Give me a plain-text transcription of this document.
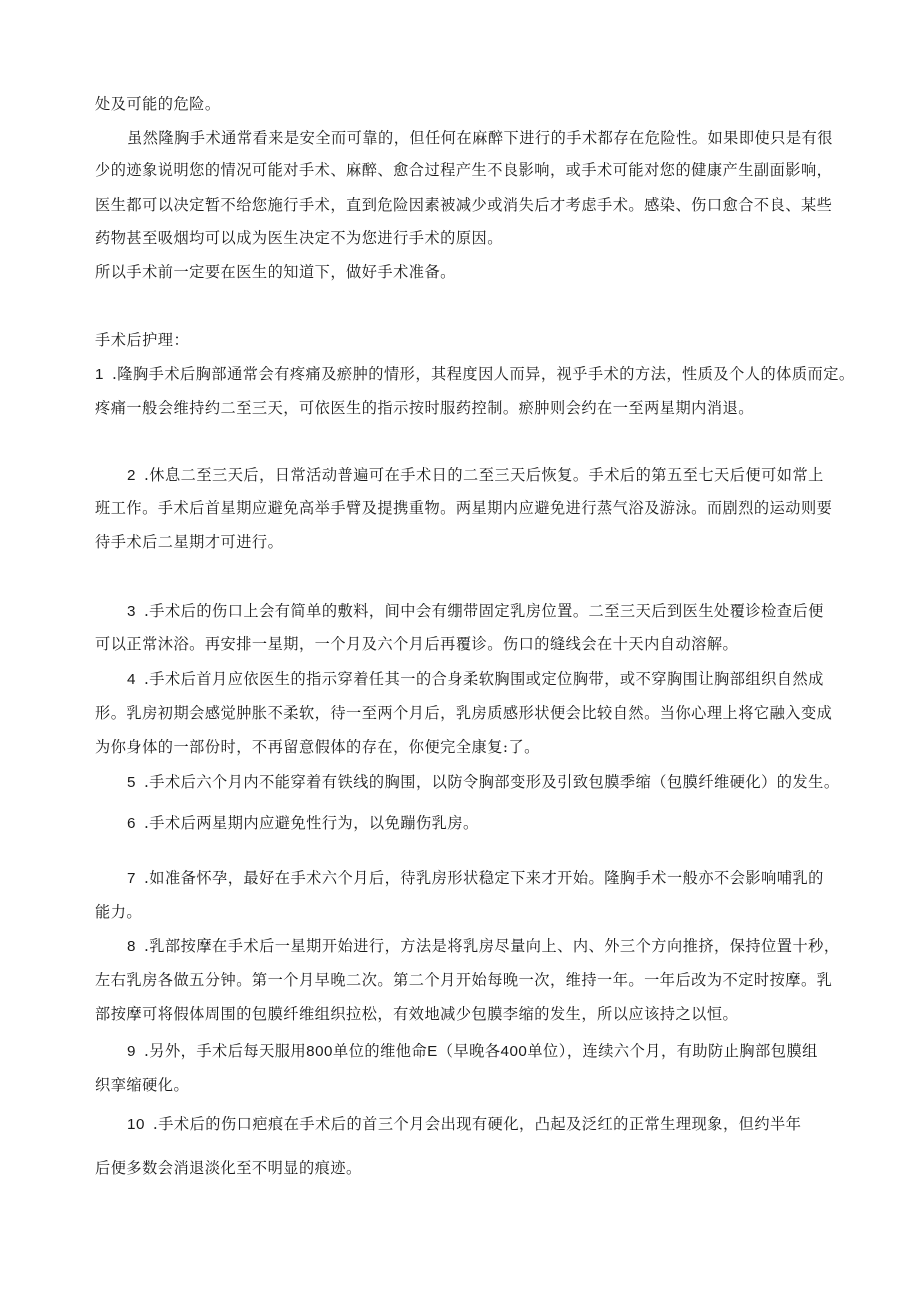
处及可能的危险。
虽然隆胸手术通常看来是安全而可靠的，但任何在麻醉下进行的手术都存在危险性。如果即使只是有很
少的迹象说明您的情况可能对手术、麻醉、愈合过程产生不良影响，或手术可能对您的健康产生副面影响，
医生都可以决定暂不给您施行手术，直到危险因素被减少或消失后才考虑手术。感染、伤口愈合不良、某些
药物甚至吸烟均可以成为医生决定不为您进行手术的原因。
所以手术前一定要在医生的知道下，做好手术准备。
手术后护理：
1 .隆胸手术后胸部通常会有疼痛及瘀肿的情形，其程度因人而异，视乎手术的方法，性质及个人的体质而定。
疼痛一般会维持约二至三天，可依医生的指示按时服药控制。瘀肿则会约在一至两星期内消退。
2 .休息二至三天后，日常活动普遍可在手术日的二至三天后恢复。手术后的第五至七天后便可如常上
班工作。手术后首星期应避免高举手臂及提携重物。两星期内应避免进行蒸气浴及游泳。而剧烈的运动则要
待手术后二星期才可进行。
3 .手术后的伤口上会有简单的敷料，间中会有绷带固定乳房位置。二至三天后到医生处覆诊检查后便
可以正常沐浴。再安排一星期，一个月及六个月后再覆诊。伤口的缝线会在十天内自动溶解。
4 .手术后首月应依医生的指示穿着任其一的合身柔软胸围或定位胸带，或不穿胸围让胸部组织自然成
形。乳房初期会感觉肿胀不柔软，待一至两个月后，乳房质感形状便会比较自然。当你心理上将它融入变成
为你身体的一部份时，不再留意假体的存在，你便完全康复:了。
5 .手术后六个月内不能穿着有铁线的胸围，以防令胸部变形及引致包膜季缩（包膜纤维硬化）的发生。
6 .手术后两星期内应避免性行为，以免蹦伤乳房。
7 .如准备怀孕，最好在手术六个月后，待乳房形状稳定下来才开始。隆胸手术一般亦不会影响哺乳的
能力。
8 .乳部按摩在手术后一星期开始进行，方法是将乳房尽量向上、内、外三个方向推挤，保持位置十秒，
左右乳房各做五分钟。第一个月早晚二次。第二个月开始每晚一次，维持一年。一年后改为不定时按摩。乳
部按摩可将假体周围的包膜纤维组织拉松，有效地减少包膜李缩的发生，所以应该持之以恒。
9 .另外，手术后每天服用800单位的维他命E（早晚各400单位），连续六个月，有助防止胸部包膜组
织挛缩硬化。
10 .手术后的伤口疤痕在手术后的首三个月会出现有硬化，凸起及泛红的正常生理现象，但约半年
后便多数会消退淡化至不明显的痕迹。
